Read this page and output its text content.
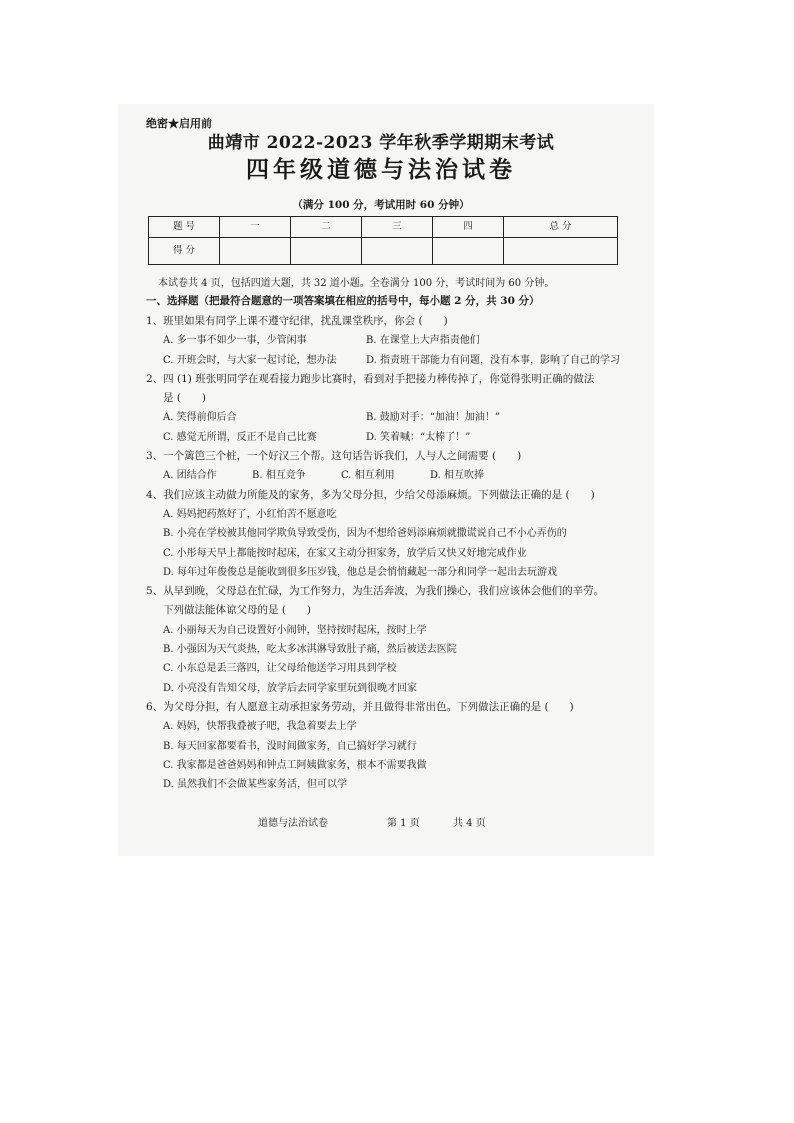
绝密★启用前
曲靖市 2022-2023 学年秋季学期期末考试
四年级道德与法治试卷
（满分 100 分，考试用时 60 分钟）
题 号	一	二	三	四	总 分
得 分					
本试卷共 4 页，包括四道大题，共 32 道小题。全卷满分 100 分，考试时间为 60 分钟。
一、选择题（把最符合题意的一项答案填在相应的括号中，每小题 2 分，共 30 分）
1、班里如果有同学上课不遵守纪律，扰乱课堂秩序，你会 (　　)
A. 多一事不如少一事，少管闲事	B. 在课堂上大声指责他们
C. 开班会时，与大家一起讨论，想办法	D. 指责班干部能力有问题，没有本事，影响了自己的学习
2、四 (1) 班张明同学在观看接力跑步比赛时，看到对手把接力棒传掉了，你觉得张明正确的做法
是 (　　)
A. 笑得前仰后合	B. 鼓励对手：“加油！加油！”
C. 感觉无所谓，反正不是自己比赛	D. 笑着喊：“太棒了！”
3、一个篱笆三个桩，一个好汉三个帮。这句话告诉我们，人与人之间需要 (　　)
A. 团结合作	B. 相互竞争	C. 相互利用	D. 相互吹捧
4、我们应该主动做力所能及的家务，多为父母分担，少给父母添麻烦。下列做法正确的是 (　　)
A. 妈妈把药熬好了，小红怕苦不愿意吃
B. 小亮在学校被其他同学欺负导致受伤，因为不想给爸妈添麻烦就撒谎说自己不小心弄伤的
C. 小彤每天早上都能按时起床，在家又主动分担家务，放学后又快又好地完成作业
D. 每年过年俊俊总是能收到很多压岁钱，他总是会悄悄藏起一部分和同学一起出去玩游戏
5、从早到晚，父母总在忙碌，为工作努力，为生活奔波，为我们操心，我们应该体会他们的辛劳。
下列做法能体谅父母的是 (　　)
A. 小丽每天为自己设置好小闹钟，坚持按时起床，按时上学
B. 小强因为天气炎热，吃太多冰淇淋导致肚子痛，然后被送去医院
C. 小东总是丢三落四，让父母给他送学习用具到学校
D. 小亮没有告知父母，放学后去同学家里玩到很晚才回家
6、为父母分担，有人愿意主动承担家务劳动，并且做得非常出色。下列做法正确的是 (　　)
A. 妈妈，快帮我叠被子吧，我急着要去上学
B. 每天回家都要看书，没时间做家务，自己搞好学习就行
C. 我家都是爸爸妈妈和钟点工阿姨做家务，根本不需要我做
D. 虽然我们不会做某些家务活，但可以学
道德与法治试卷	第 1 页	共 4 页
